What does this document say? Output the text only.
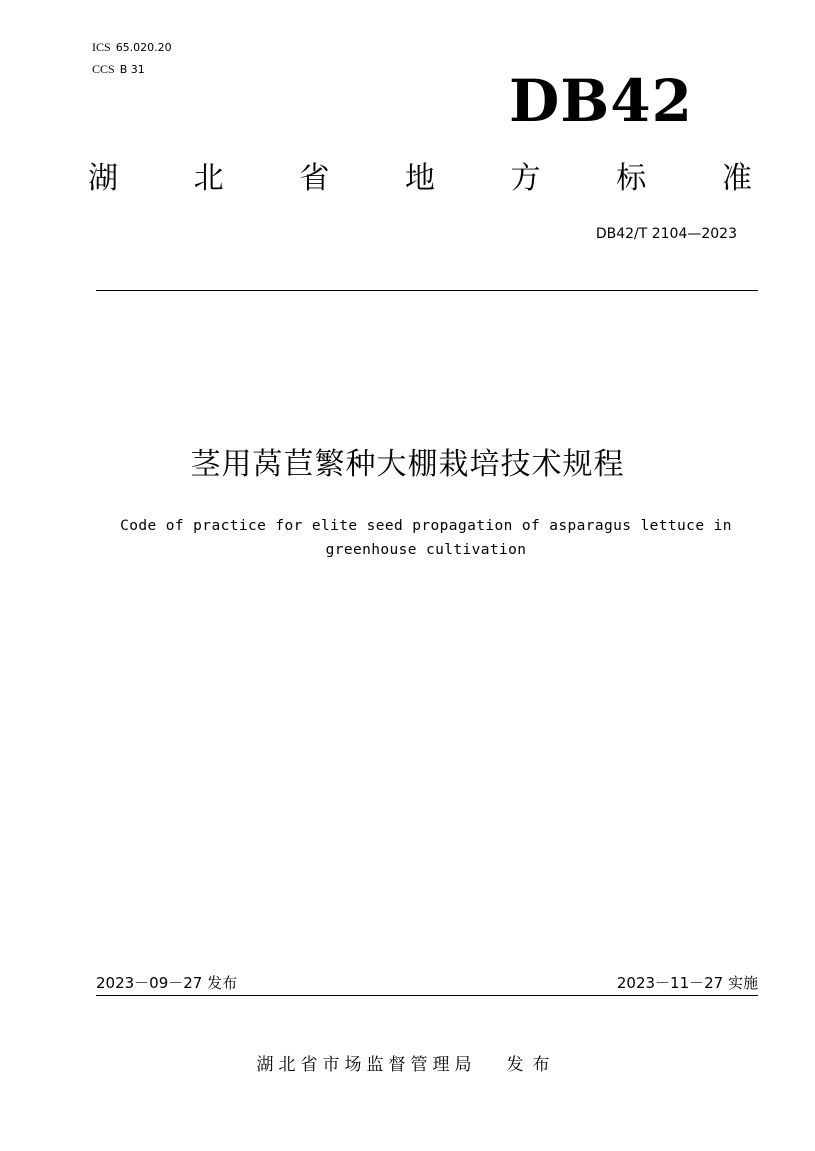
ICS 65.020.20
CCS B 31	DB42
湖	北	省	地	方	标	准
DB42/T 2104—2023
茎用莴苣繁种大棚栽培技术规程
Code of practice for elite seed propagation of asparagus lettuce in
greenhouse cultivation
2023－09－27 发布	2023－11－27 实施
湖北省市场监督管理局 发布
